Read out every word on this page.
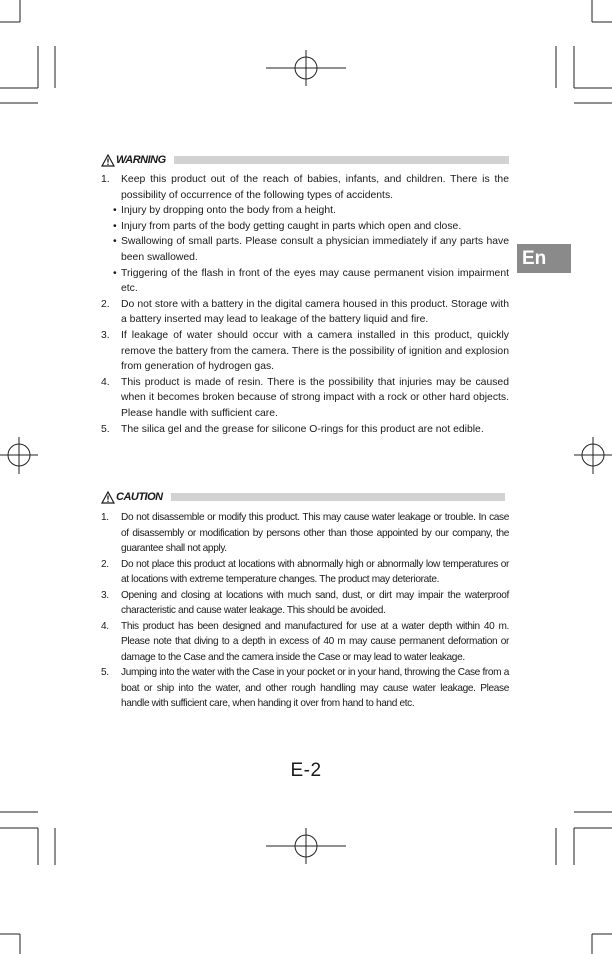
En
WARNING
1. Keep this product out of the reach of babies, infants, and children. There is the possibility of occurrence of the following types of accidents.
• Injury by dropping onto the body from a height.
• Injury from parts of the body getting caught in parts which open and close.
• Swallowing of small parts. Please consult a physician immediately if any parts have been swallowed.
• Triggering of the flash in front of the eyes may cause permanent vision impairment etc.
2. Do not store with a battery in the digital camera housed in this product. Storage with a battery inserted may lead to leakage of the battery liquid and fire.
3. If leakage of water should occur with a camera installed in this product, quickly remove the battery from the camera. There is the possibility of ignition and explosion from generation of hydrogen gas.
4. This product is made of resin. There is the possibility that injuries may be caused when it becomes broken because of strong impact with a rock or other hard objects. Please handle with sufficient care.
5. The silica gel and the grease for silicone O-rings for this product are not edible.
CAUTION
1. Do not disassemble or modify this product. This may cause water leakage or trouble. In case of disassembly or modification by persons other than those appointed by our company, the guarantee shall not apply.
2. Do not place this product at locations with abnormally high or abnormally low temperatures or at locations with extreme temperature changes. The product may deteriorate.
3. Opening and closing at locations with much sand, dust, or dirt may impair the waterproof characteristic and cause water leakage. This should be avoided.
4. This product has been designed and manufactured for use at a water depth within 40 m. Please note that diving to a depth in excess of 40 m may cause permanent deformation or damage to the Case and the camera inside the Case or may lead to water leakage.
5. Jumping into the water with the Case in your pocket or in your hand, throwing the Case from a boat or ship into the water, and other rough handling may cause water leakage. Please handle with sufficient care, when handing it over from hand to hand etc.
E-2
